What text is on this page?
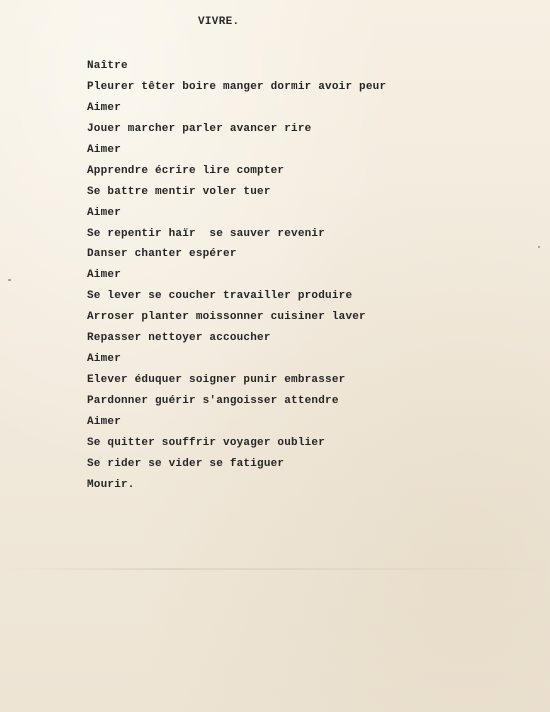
VIVRE.
Naître
Pleurer têter boire manger dormir avoir peur
Aimer
Jouer marcher parler avancer rire
Aimer
Apprendre écrire lire compter
Se battre mentir voler tuer
Aimer
Se repentir haïr  se sauver revenir
Danser chanter espérer
Aimer
Se lever se coucher travailler produire
Arroser planter moissonner cuisiner laver
Repasser nettoyer accoucher
Aimer
Elever éduquer soigner punir embrasser
Pardonner guérir s'angoisser attendre
Aimer
Se quitter souffrir voyager oublier
Se rider se vider se fatiguer
Mourir.
